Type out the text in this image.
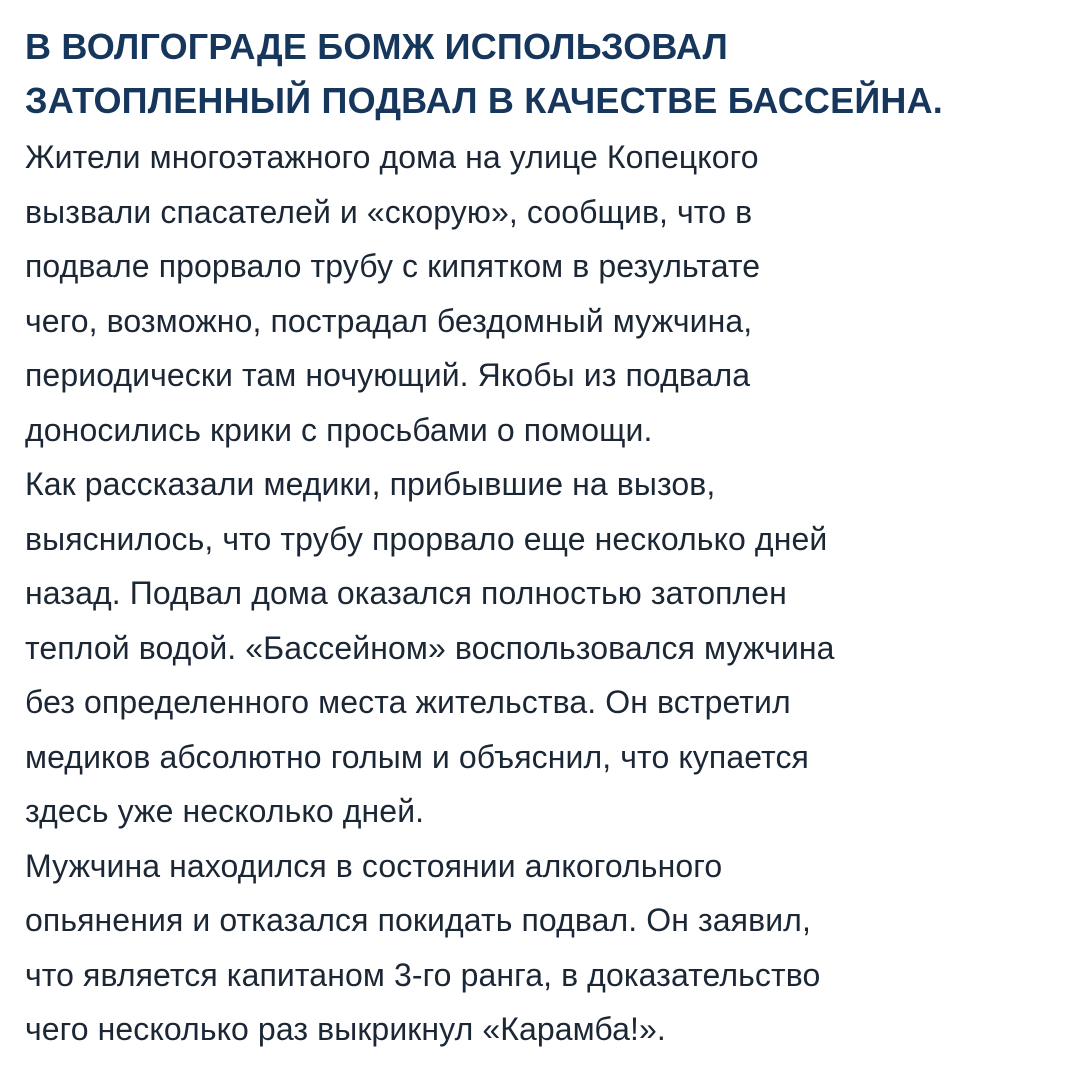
В ВОЛГОГРАДЕ БОМЖ ИСПОЛЬЗОВАЛ
ЗАТОПЛЕННЫЙ ПОДВАЛ В КАЧЕСТВЕ БАССЕЙНА.

Жители многоэтажного дома на улице Копецкого
вызвали спасателей и «скорую», сообщив, что в
подвале прорвало трубу с кипятком в результате
чего, возможно, пострадал бездомный мужчина,
периодически там ночующий. Якобы из подвала
доносились крики с просьбами о помощи.

Как рассказали медики, прибывшие на вызов,
выяснилось, что трубу прорвало еще несколько дней
назад. Подвал дома оказался полностью затоплен
теплой водой. «Бассейном» воспользовался мужчина
без определенного места жительства. Он встретил
медиков абсолютно голым и объяснил, что купается
здесь уже несколько дней.

Мужчина находился в состоянии алкогольного
опьянения и отказался покидать подвал. Он заявил,
что является капитаном 3-го ранга, в доказательство
чего несколько раз выкрикнул «Карамба!».
